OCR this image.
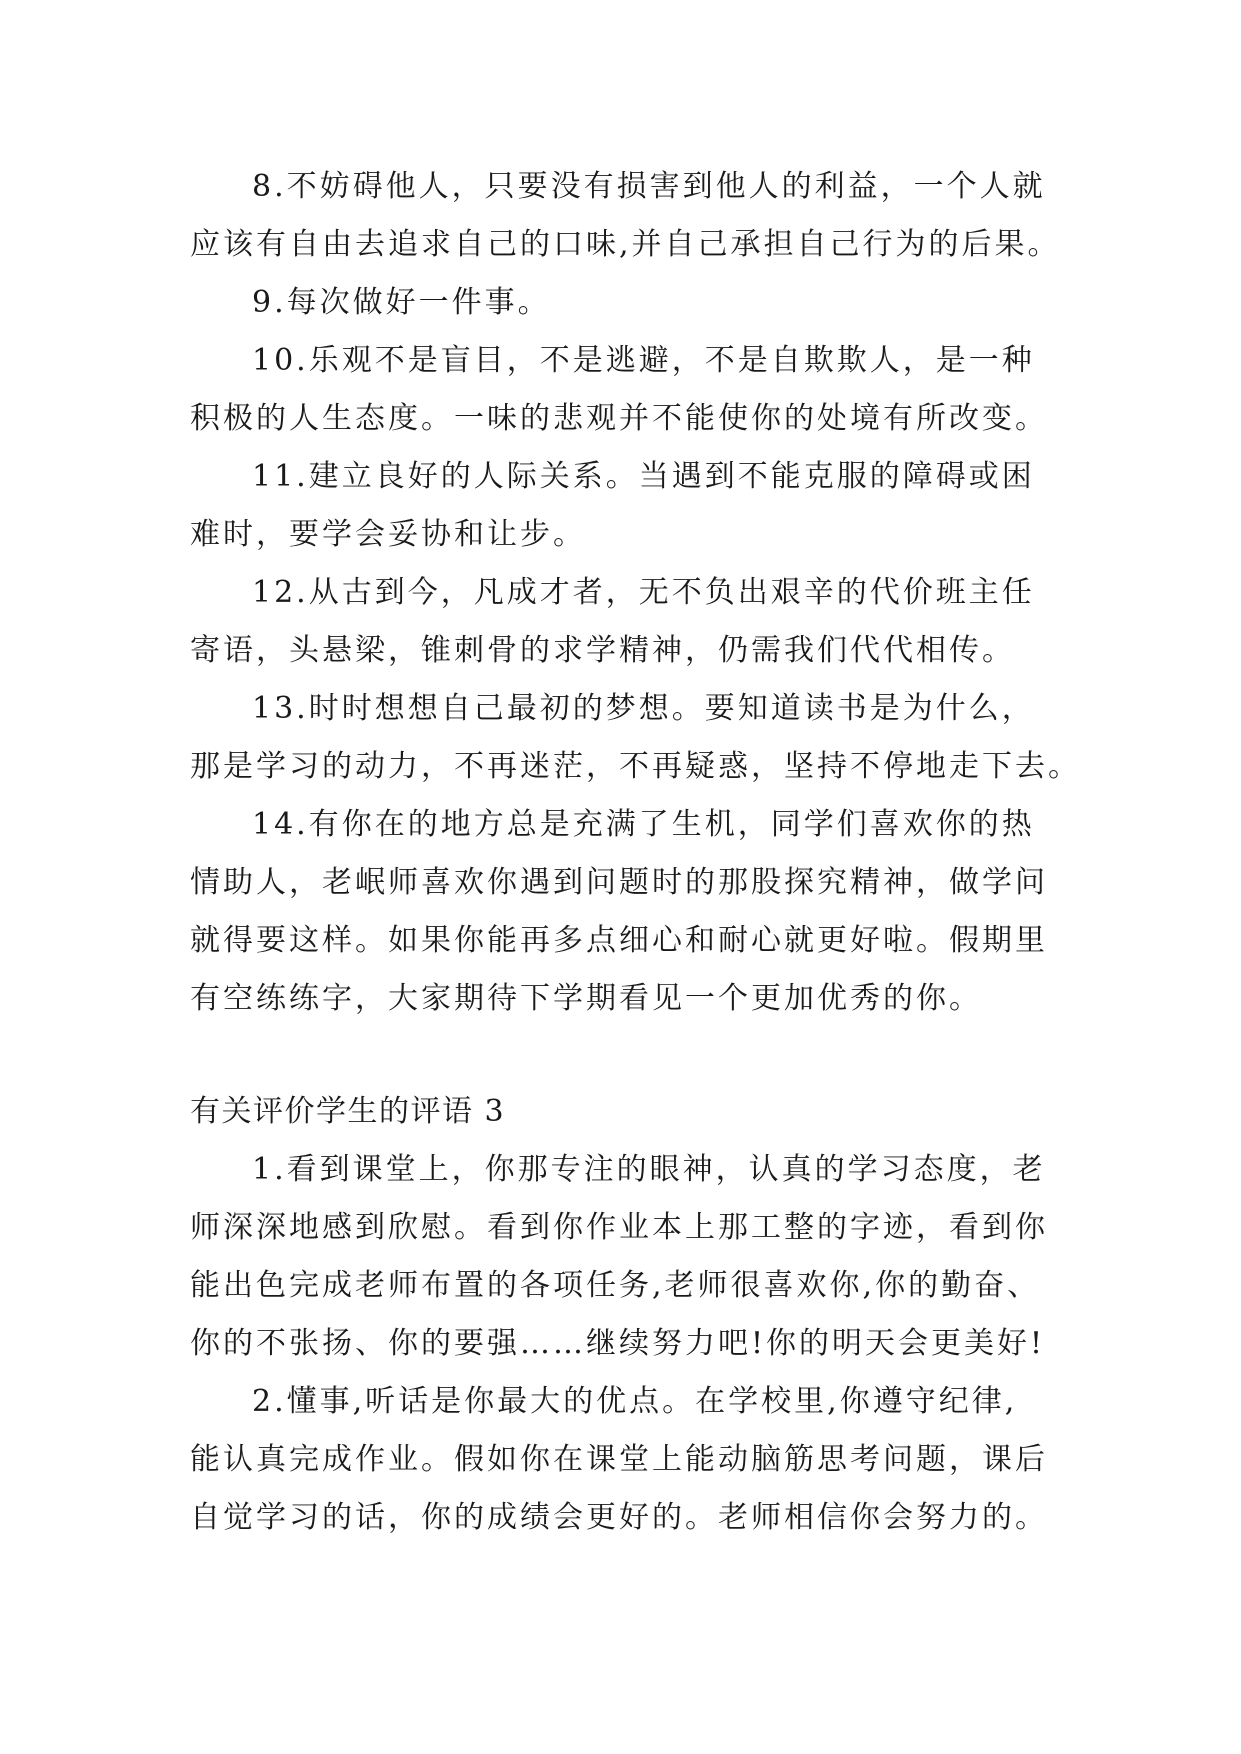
8.不妨碍他人，只要没有损害到他人的利益，一个人就
应该有自由去追求自己的口味,并自己承担自己行为的后果。
9.每次做好一件事。
10.乐观不是盲目，不是逃避，不是自欺欺人，是一种
积极的人生态度。一味的悲观并不能使你的处境有所改变。
11.建立良好的人际关系。当遇到不能克服的障碍或困
难时，要学会妥协和让步。
12.从古到今，凡成才者，无不负出艰辛的代价班主任
寄语，头悬梁，锥刺骨的求学精神，仍需我们代代相传。
13.时时想想自己最初的梦想。要知道读书是为什么，
那是学习的动力，不再迷茫，不再疑惑，坚持不停地走下去。
14.有你在的地方总是充满了生机，同学们喜欢你的热
情助人，老岷师喜欢你遇到问题时的那股探究精神，做学问
就得要这样。如果你能再多点细心和耐心就更好啦。假期里
有空练练字，大家期待下学期看见一个更加优秀的你。
有关评价学生的评语 3
1.看到课堂上，你那专注的眼神，认真的学习态度，老
师深深地感到欣慰。看到你作业本上那工整的字迹，看到你
能出色完成老师布置的各项任务,老师很喜欢你,你的勤奋、
你的不张扬、你的要强……继续努力吧!你的明天会更美好!
2.懂事,听话是你最大的优点。在学校里,你遵守纪律,
能认真完成作业。假如你在课堂上能动脑筋思考问题，课后
自觉学习的话，你的成绩会更好的。老师相信你会努力的。
